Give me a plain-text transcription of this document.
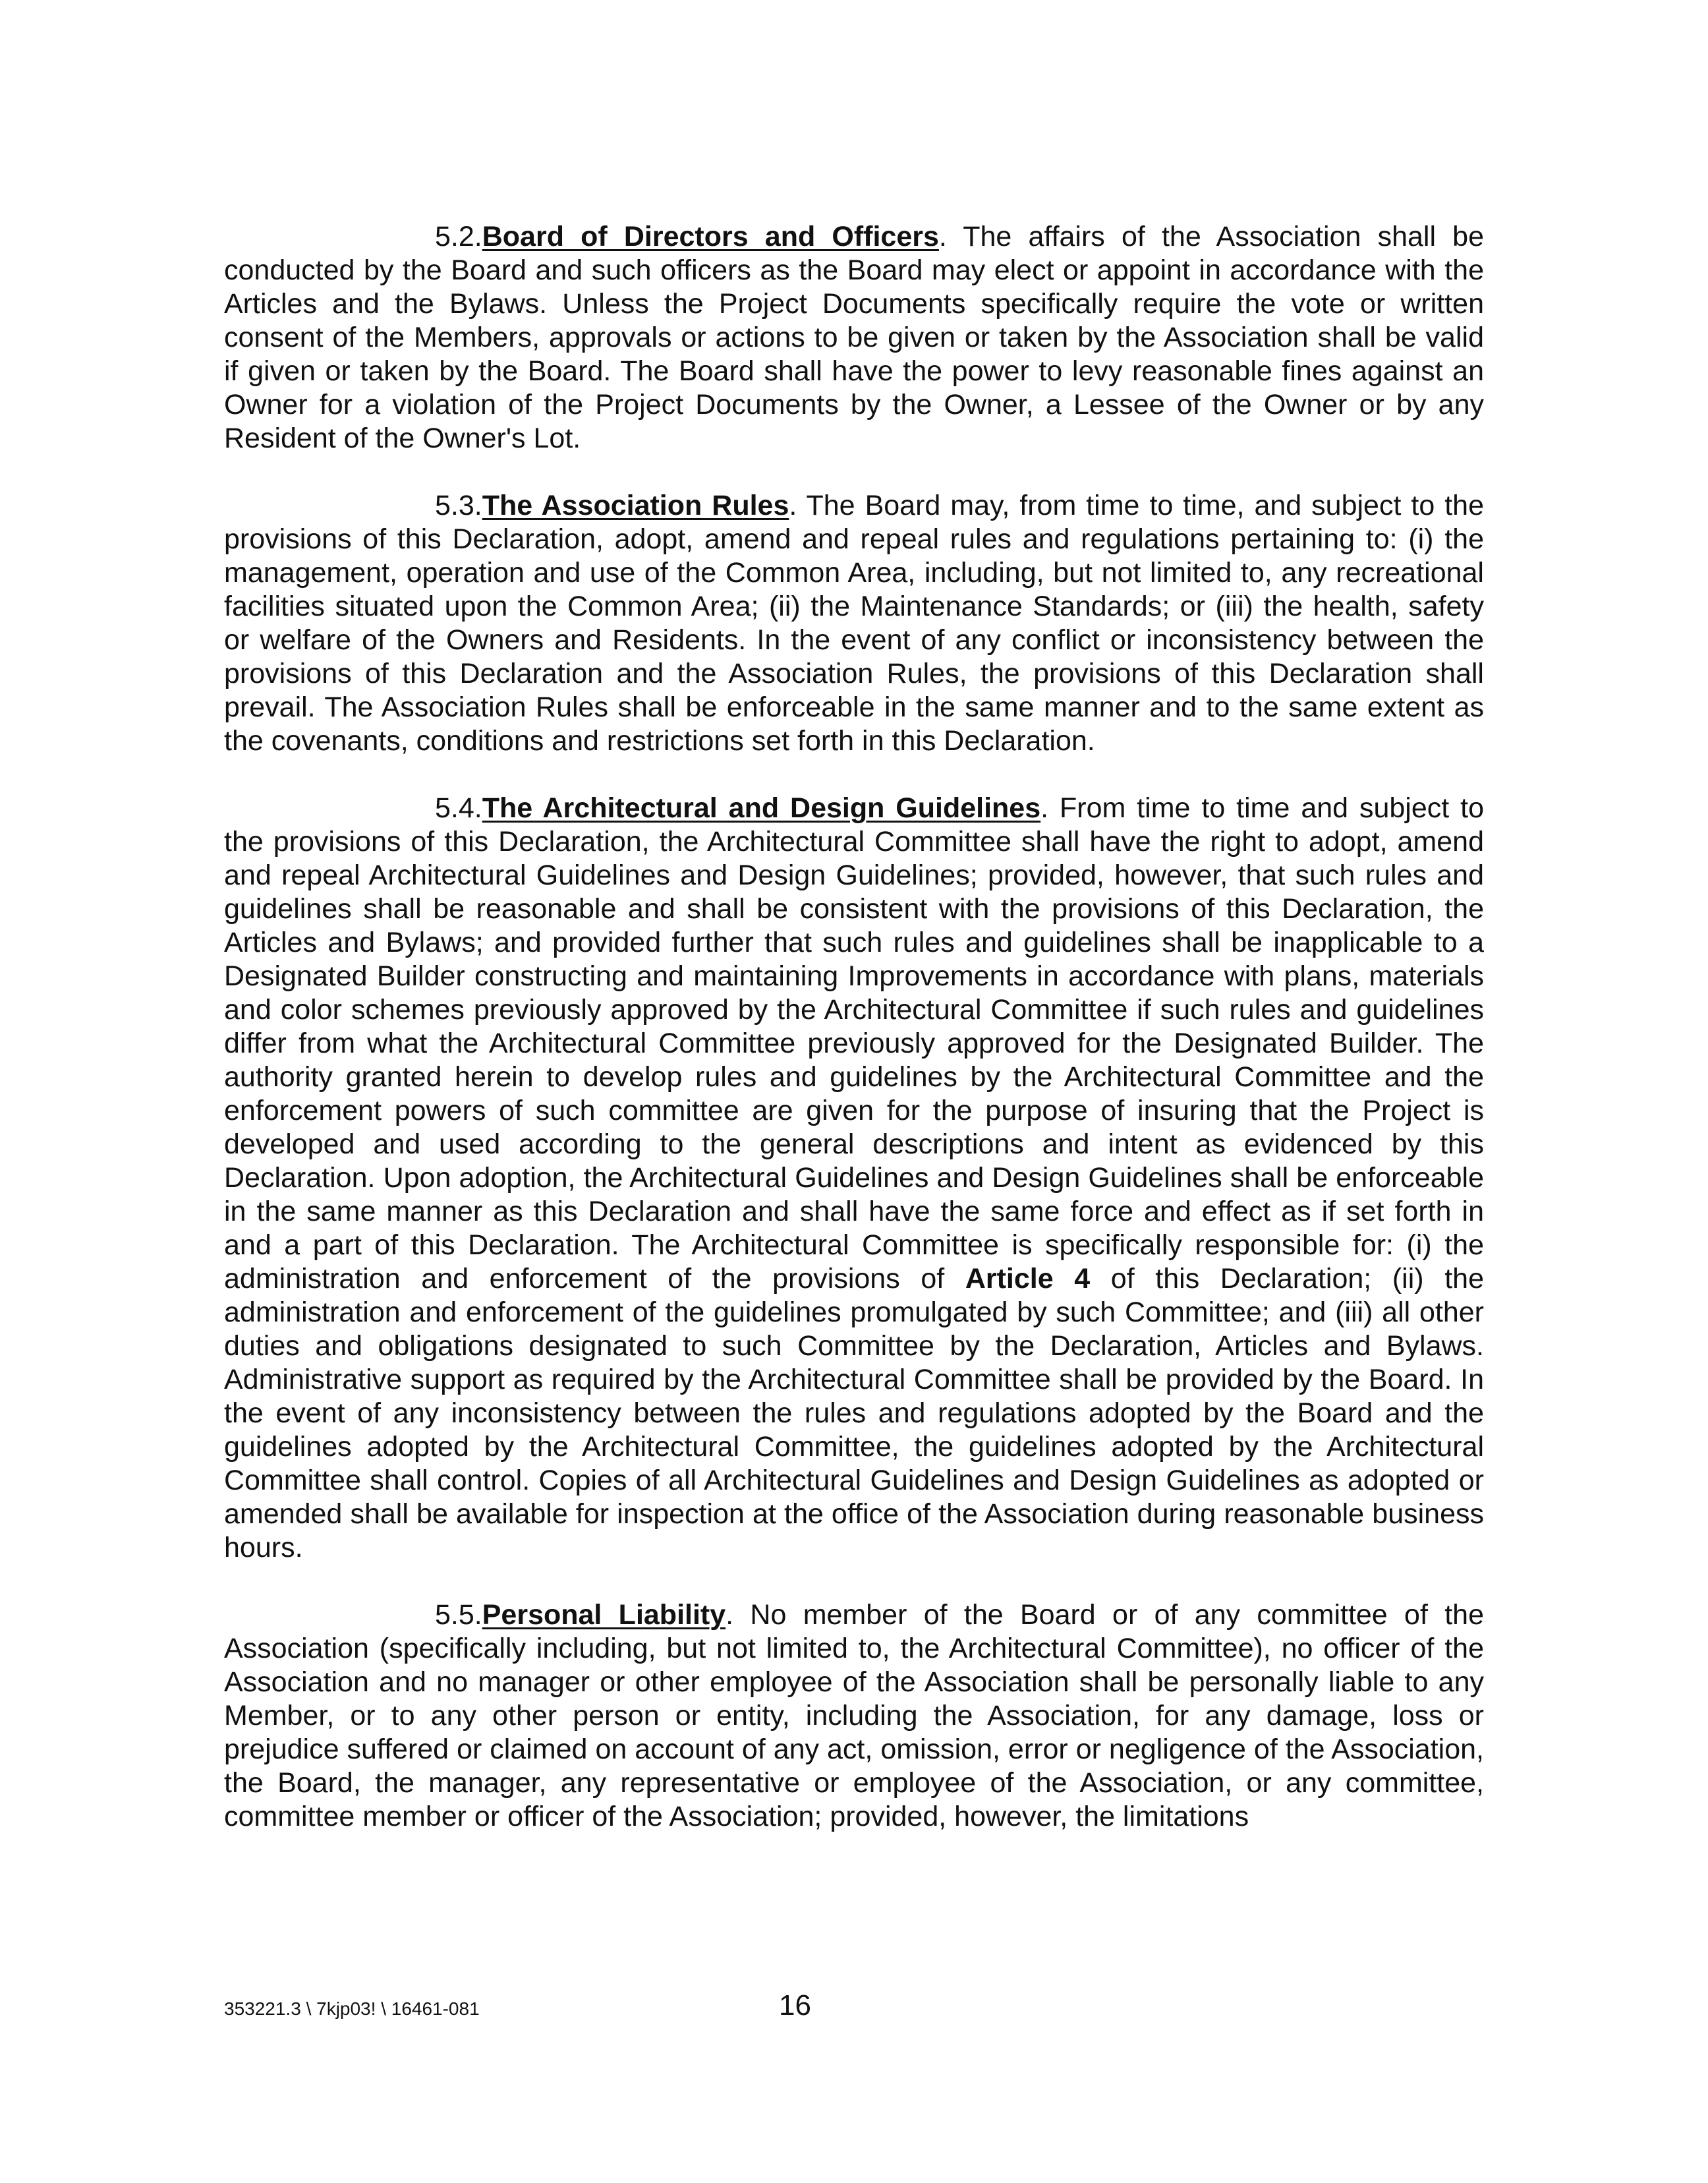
5.2.Board of Directors and Officers. The affairs of the Association shall be conducted by the Board and such officers as the Board may elect or appoint in accordance with the Articles and the Bylaws. Unless the Project Documents specifically require the vote or written consent of the Members, approvals or actions to be given or taken by the Association shall be valid if given or taken by the Board. The Board shall have the power to levy reasonable fines against an Owner for a violation of the Project Documents by the Owner, a Lessee of the Owner or by any Resident of the Owner's Lot.

5.3.The Association Rules. The Board may, from time to time, and subject to the provisions of this Declaration, adopt, amend and repeal rules and regulations pertaining to: (i) the management, operation and use of the Common Area, including, but not limited to, any recreational facilities situated upon the Common Area; (ii) the Maintenance Standards; or (iii) the health, safety or welfare of the Owners and Residents. In the event of any conflict or inconsistency between the provisions of this Declaration and the Association Rules, the provisions of this Declaration shall prevail. The Association Rules shall be enforceable in the same manner and to the same extent as the covenants, conditions and restrictions set forth in this Declaration.

5.4.The Architectural and Design Guidelines. From time to time and subject to the provisions of this Declaration, the Architectural Committee shall have the right to adopt, amend and repeal Architectural Guidelines and Design Guidelines; provided, however, that such rules and guidelines shall be reasonable and shall be consistent with the provisions of this Declaration, the Articles and Bylaws; and provided further that such rules and guidelines shall be inapplicable to a Designated Builder constructing and maintaining Improvements in accordance with plans, materials and color schemes previously approved by the Architectural Committee if such rules and guidelines differ from what the Architectural Committee previously approved for the Designated Builder. The authority granted herein to develop rules and guidelines by the Architectural Committee and the enforcement powers of such committee are given for the purpose of insuring that the Project is developed and used according to the general descriptions and intent as evidenced by this Declaration. Upon adoption, the Architectural Guidelines and Design Guidelines shall be enforceable in the same manner as this Declaration and shall have the same force and effect as if set forth in and a part of this Declaration. The Architectural Committee is specifically responsible for: (i) the administration and enforcement of the provisions of Article 4 of this Declaration; (ii) the administration and enforcement of the guidelines promulgated by such Committee; and (iii) all other duties and obligations designated to such Committee by the Declaration, Articles and Bylaws. Administrative support as required by the Architectural Committee shall be provided by the Board. In the event of any inconsistency between the rules and regulations adopted by the Board and the guidelines adopted by the Architectural Committee, the guidelines adopted by the Architectural Committee shall control. Copies of all Architectural Guidelines and Design Guidelines as adopted or amended shall be available for inspection at the office of the Association during reasonable business hours.

5.5.Personal Liability. No member of the Board or of any committee of the Association (specifically including, but not limited to, the Architectural Committee), no officer of the Association and no manager or other employee of the Association shall be personally liable to any Member, or to any other person or entity, including the Association, for any damage, loss or prejudice suffered or claimed on account of any act, omission, error or negligence of the Association, the Board, the manager, any representative or employee of the Association, or any committee, committee member or officer of the Association; provided, however, the limitations

353221.3 \ 7kjp03! \ 16461-081	16
